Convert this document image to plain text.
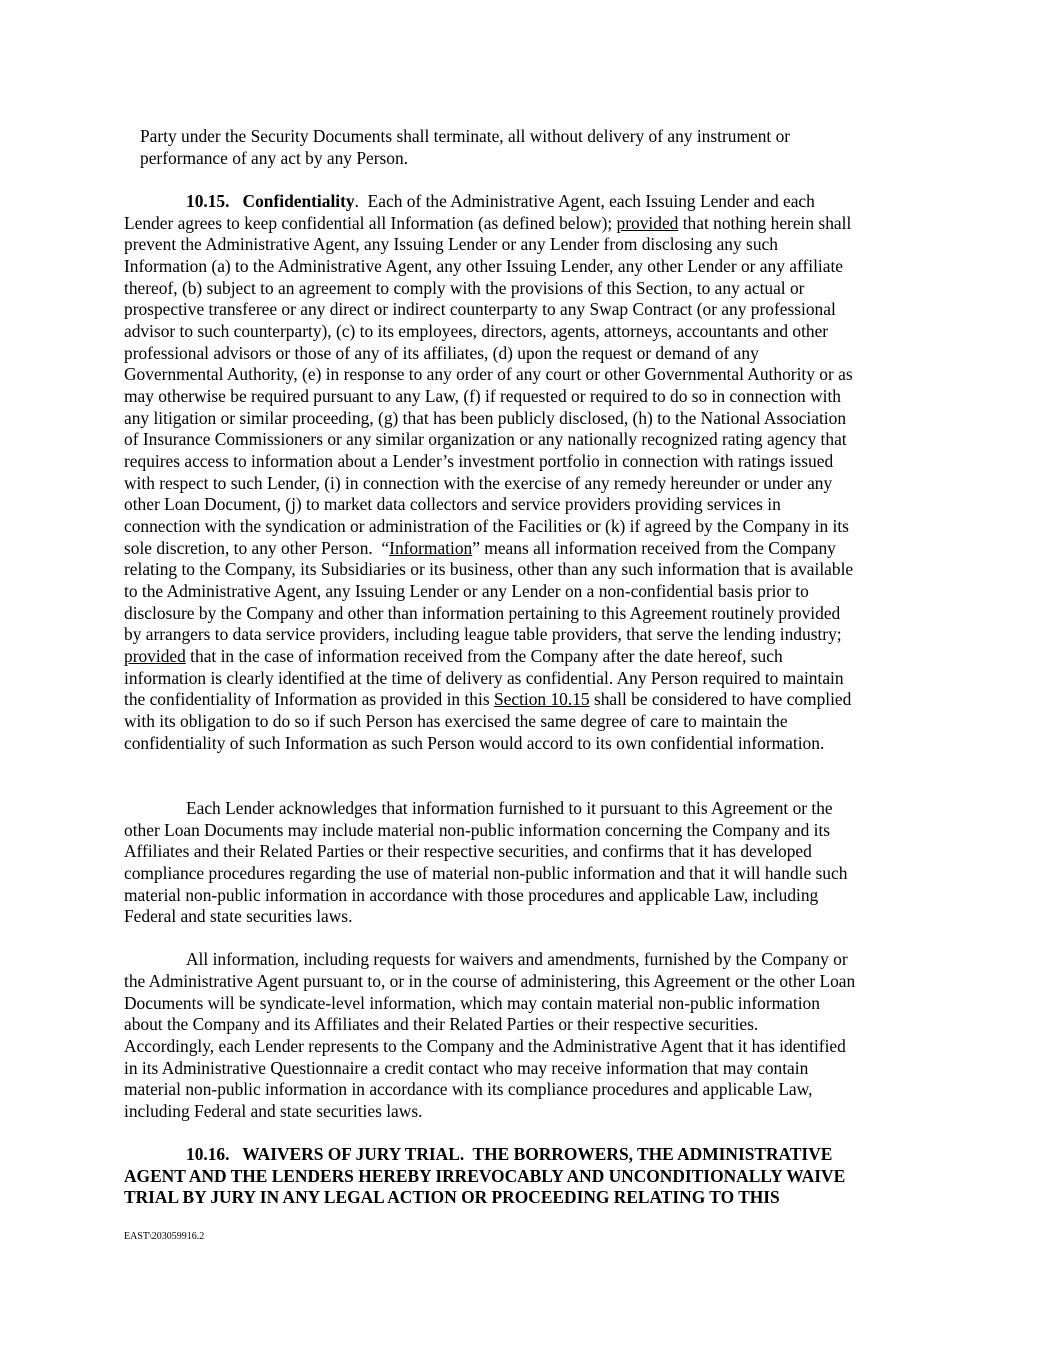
Party under the Security Documents shall terminate, all without delivery of any instrument or
performance of any act by any Person.
10.15. Confidentiality.  Each of the Administrative Agent, each Issuing Lender and each
Lender agrees to keep confidential all Information (as defined below); provided that nothing herein shall
prevent the Administrative Agent, any Issuing Lender or any Lender from disclosing any such
Information (a) to the Administrative Agent, any other Issuing Lender, any other Lender or any affiliate
thereof, (b) subject to an agreement to comply with the provisions of this Section, to any actual or
prospective transferee or any direct or indirect counterparty to any Swap Contract (or any professional
advisor to such counterparty), (c) to its employees, directors, agents, attorneys, accountants and other
professional advisors or those of any of its affiliates, (d) upon the request or demand of any
Governmental Authority, (e) in response to any order of any court or other Governmental Authority or as
may otherwise be required pursuant to any Law, (f) if requested or required to do so in connection with
any litigation or similar proceeding, (g) that has been publicly disclosed, (h) to the National Association
of Insurance Commissioners or any similar organization or any nationally recognized rating agency that
requires access to information about a Lender’s investment portfolio in connection with ratings issued
with respect to such Lender, (i) in connection with the exercise of any remedy hereunder or under any
other Loan Document, (j) to market data collectors and service providers providing services in
connection with the syndication or administration of the Facilities or (k) if agreed by the Company in its
sole discretion, to any other Person.  “Information” means all information received from the Company
relating to the Company, its Subsidiaries or its business, other than any such information that is available
to the Administrative Agent, any Issuing Lender or any Lender on a non-confidential basis prior to
disclosure by the Company and other than information pertaining to this Agreement routinely provided
by arrangers to data service providers, including league table providers, that serve the lending industry;
provided that in the case of information received from the Company after the date hereof, such
information is clearly identified at the time of delivery as confidential. Any Person required to maintain
the confidentiality of Information as provided in this Section 10.15 shall be considered to have complied
with its obligation to do so if such Person has exercised the same degree of care to maintain the
confidentiality of such Information as such Person would accord to its own confidential information.
Each Lender acknowledges that information furnished to it pursuant to this Agreement or the
other Loan Documents may include material non-public information concerning the Company and its
Affiliates and their Related Parties or their respective securities, and confirms that it has developed
compliance procedures regarding the use of material non-public information and that it will handle such
material non-public information in accordance with those procedures and applicable Law, including
Federal and state securities laws.
All information, including requests for waivers and amendments, furnished by the Company or
the Administrative Agent pursuant to, or in the course of administering, this Agreement or the other Loan
Documents will be syndicate-level information, which may contain material non-public information
about the Company and its Affiliates and their Related Parties or their respective securities.
Accordingly, each Lender represents to the Company and the Administrative Agent that it has identified
in its Administrative Questionnaire a credit contact who may receive information that may contain
material non-public information in accordance with its compliance procedures and applicable Law,
including Federal and state securities laws.
10.16.   WAIVERS OF JURY TRIAL.  THE BORROWERS, THE ADMINISTRATIVE
AGENT AND THE LENDERS HEREBY IRREVOCABLY AND UNCONDITIONALLY WAIVE
TRIAL BY JURY IN ANY LEGAL ACTION OR PROCEEDING RELATING TO THIS
EAST\203059916.2
